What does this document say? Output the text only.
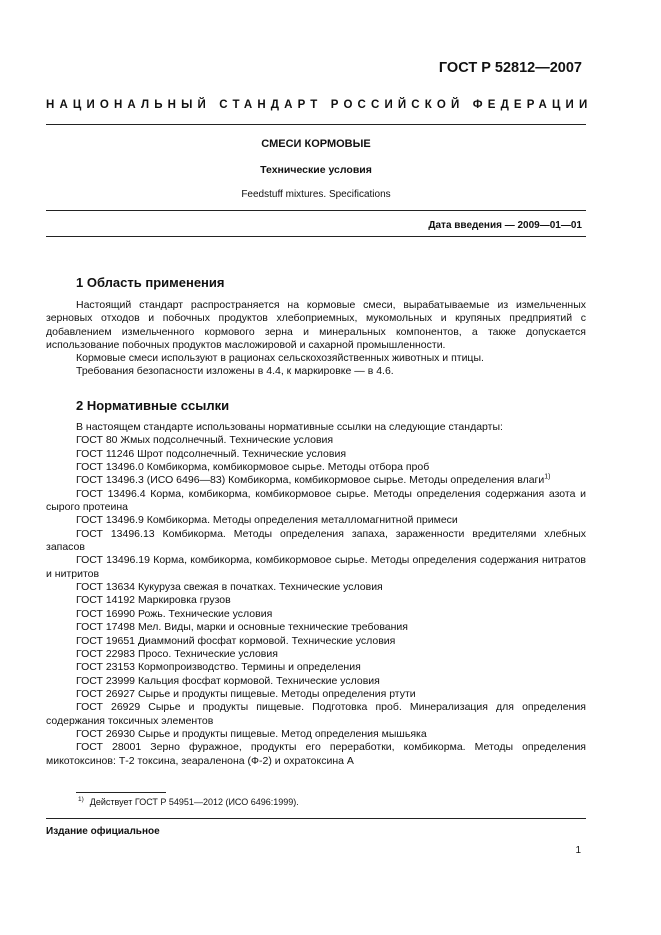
ГОСТ Р 52812—2007
НАЦИОНАЛЬНЫЙ СТАНДАРТ РОССИЙСКОЙ ФЕДЕРАЦИИ
СМЕСИ КОРМОВЫЕ
Технические условия
Feedstuff mixtures. Specifications
Дата введения — 2009—01—01
1 Область применения

Настоящий стандарт распространяется на кормовые смеси, вырабатываемые из измельченных зерновых отходов и побочных продуктов хлебоприемных, мукомольных и крупяных предприятий с добавлением измельченного кормового зерна и минеральных компонентов, а также допускается использование побочных продуктов масложировой и сахарной промышленности.

Кормовые смеси используют в рационах сельскохозяйственных животных и птицы.

Требования безопасности изложены в 4.4, к маркировке — в 4.6.

2 Нормативные ссылки

В настоящем стандарте использованы нормативные ссылки на следующие стандарты:

ГОСТ 80 Жмых подсолнечный. Технические условия

ГОСТ 11246 Шрот подсолнечный. Технические условия

ГОСТ 13496.0 Комбикорма, комбикормовое сырье. Методы отбора проб

ГОСТ 13496.3 (ИСО 6496—83) Комбикорма, комбикормовое сырье. Методы определения влаги$^{1)}$

ГОСТ 13496.4 Корма, комбикорма, комбикормовое сырье. Методы определения содержания азота и сырого протеина

ГОСТ 13496.9 Комбикорма. Методы определения металломагнитной примеси

ГОСТ 13496.13 Комбикорма. Методы определения запаха, зараженности вредителями хлебных запасов

ГОСТ 13496.19 Корма, комбикорма, комбикормовое сырье. Методы определения содержания нитратов и нитритов

ГОСТ 13634 Кукуруза свежая в початках. Технические условия

ГОСТ 14192 Маркировка грузов

ГОСТ 16990 Рожь. Технические условия

ГОСТ 17498 Мел. Виды, марки и основные технические требования

ГОСТ 19651 Диаммоний фосфат кормовой. Технические условия

ГОСТ 22983 Просо. Технические условия

ГОСТ 23153 Кормопроизводство. Термины и определения

ГОСТ 23999 Кальция фосфат кормовой. Технические условия

ГОСТ 26927 Сырье и продукты пищевые. Методы определения ртути

ГОСТ 26929 Сырье и продукты пищевые. Подготовка проб. Минерализация для определения содержания токсичных элементов

ГОСТ 26930 Сырье и продукты пищевые. Метод определения мышьяка

ГОСТ 28001 Зерно фуражное, продукты его переработки, комбикорма. Методы определения микотоксинов: Т-2 токсина, зеараленона (Ф-2) и охратоксина А

$^{1)}$ Действует ГОСТ Р 54951—2012 (ИСО 6496:1999).
Издание официальное
1
